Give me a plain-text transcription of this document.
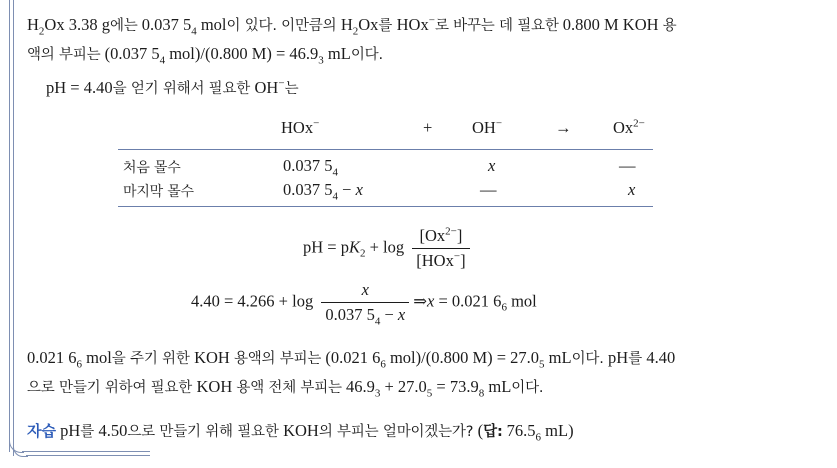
$H_2Ox$ 3.38 g에는 0.037 $5_4$ mol이 있다. 이만큼의 $H_2Ox$를 HOx−로 바꾸는 데 필요한 0.800 M KOH 용
액의 부피는 (0.037 $5_4$ mol)/(0.800 $M) = 46.9_3$ mL이다.
pH = 4.40을 얻기 위해서 필요한 OH−는
HOx−	+ OH−	→	$Ox^{2-}$
처음 몰수	0.037 $5_4$	x	—
마지막 몰수	0.037 $5_4 - x$	—	x
pH = $pK_2 + \log \frac{[Ox^{2-}]}{[HOx^-]}$
$4.40 = 4.266 + \log \frac{x}{0.037 5_4 - x}$ ⇒x = 0.021 $6_6$ mol
0.021 $6_6$ mol을 주기 위한 KOH 용액의 부피는 (0.021 $6_6$ mol)/(0.800 $M) = 27.0_5$ mL이다. pH를 4.40
으로 만들기 위하여 필요한 KOH 용액 전체 부피는 $46.9_3 + 27.0_5 = 73.9_8$ mL이다.
자습 pH를 4.50으로 만들기 위해 필요한 KOH의 부피는 얼마이겠는가? (답: $76.5_6$ mL)
